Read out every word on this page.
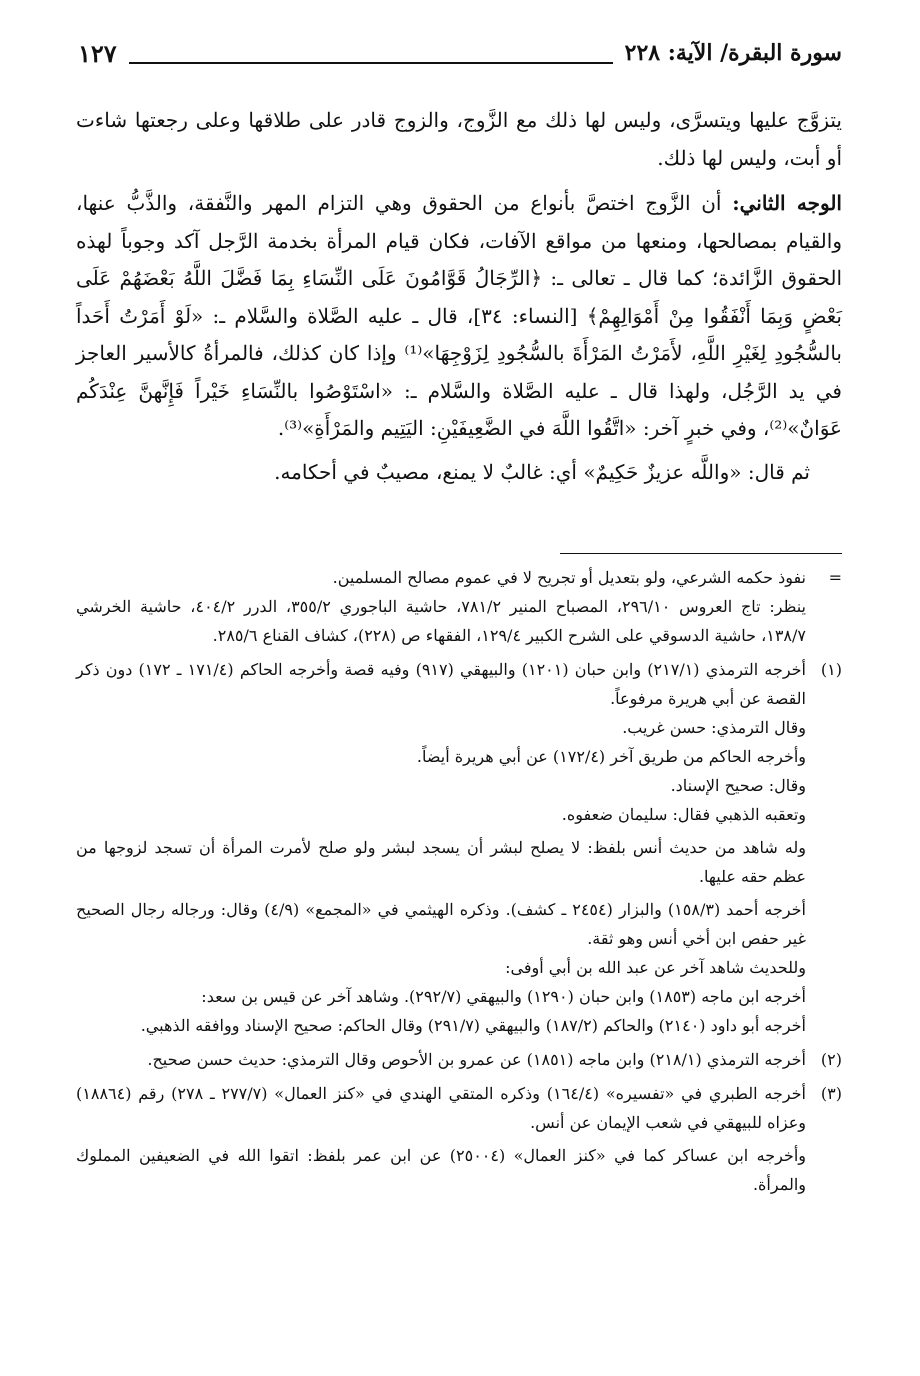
سورة البقرة/ الآية: ٢٢٨
١٢٧

يتزوَّج عليها ويتسرَّى، وليس لها ذلك مع الزَّوج، والزوج قادر على طلاقها وعلى رجعتها شاءت أو أبت، وليس لها ذلك.

الوجه الثاني: أن الزَّوج اختصَّ بأنواع من الحقوق وهي التزام المهر والنَّفقة، والذَّبُّ عنها، والقيام بمصالحها، ومنعها من مواقع الآفات، فكان قيام المرأة بخدمة الرَّجل آكد وجوباً لهذه الحقوق الزَّائدة؛ كما قال ـ تعالى ـ: ﴿الرِّجَالُ قَوَّامُونَ عَلَى النِّسَاءِ بِمَا فَضَّلَ اللَّهُ بَعْضَهُمْ عَلَى بَعْضٍ وَبِمَا أَنْفَقُوا مِنْ أَمْوَالِهِمْ﴾ [النساء: ٣٤]، قال ـ عليه الصَّلاة والسَّلام ـ: «لَوْ أَمَرْتُ أَحَداً بالسُّجُودِ لِغَيْرِ اللَّهِ، لأَمَرْتُ المَرْأَةَ بالسُّجُودِ لِزَوْجِهَا»⁽¹⁾ وإذا كان كذلك، فالمرأةُ كالأسير العاجز في يد الرَّجُل، ولهذا قال ـ عليه الصَّلاة والسَّلام ـ: «اسْتَوْصُوا بالنِّسَاءِ خَيْراً فَإِنَّهنَّ عِنْدَكُم عَوَانٌ»⁽²⁾، وفي خبرٍ آخر: «اتَّقُوا اللَّهَ في الضَّعِيفَيْنِ: اليَتِيم والمَرْأَةِ»⁽³⁾.

ثم قال: «واللَّه عزيزٌ حَكِيمٌ» أي: غالبٌ لا يمنع، مصيبٌ في أحكامه.

=
نفوذ حكمه الشرعي، ولو بتعديل أو تجريح لا في عموم مصالح المسلمين.
ينظر: تاج العروس ٢٩٦/١٠، المصباح المنير ٧٨١/٢، حاشية الباجوري ٣٥٥/٢، الدرر ٤٠٤/٢، حاشية الخرشي ١٣٨/٧، حاشية الدسوقي على الشرح الكبير ١٢٩/٤، الفقهاء ص (٢٢٨)، كشاف القناع ٢٨٥/٦.
(١)
أخرجه الترمذي (٢١٧/١) وابن حبان (١٢٠١) والبيهقي (٩١٧) وفيه قصة وأخرجه الحاكم (١٧١/٤ ـ ١٧٢) دون ذكر القصة عن أبي هريرة مرفوعاً.
وقال الترمذي: حسن غريب.
وأخرجه الحاكم من طريق آخر (١٧٢/٤) عن أبي هريرة أيضاً.
وقال: صحيح الإسناد.
وتعقبه الذهبي فقال: سليمان ضعفوه.
وله شاهد من حديث أنس بلفظ: لا يصلح لبشر أن يسجد لبشر ولو صلح لأمرت المرأة أن تسجد لزوجها من عظم حقه عليها.
أخرجه أحمد (١٥٨/٣) والبزار (٢٤٥٤ ـ كشف). وذكره الهيثمي في «المجمع» (٤/٩) وقال: ورجاله رجال الصحيح غير حفص ابن أخي أنس وهو ثقة.
وللحديث شاهد آخر عن عبد الله بن أبي أوفى:
أخرجه ابن ماجه (١٨٥٣) وابن حبان (١٢٩٠) والبيهقي (٢٩٢/٧). وشاهد آخر عن قيس بن سعد:
أخرجه أبو داود (٢١٤٠) والحاكم (١٨٧/٢) والبيهقي (٢٩١/٧) وقال الحاكم: صحيح الإسناد ووافقه الذهبي.
(٢)
أخرجه الترمذي (٢١٨/١) وابن ماجه (١٨٥١) عن عمرو بن الأحوص وقال الترمذي: حديث حسن صحيح.
(٣)
أخرجه الطبري في «تفسيره» (١٦٤/٤) وذكره المتقي الهندي في «كنز العمال» (٢٧٧/٧ ـ ٢٧٨) رقم (١٨٨٦٤) وعزاه للبيهقي في شعب الإيمان عن أنس.
وأخرجه ابن عساكر كما في «كنز العمال» (٢٥٠٠٤) عن ابن عمر بلفظ: اتقوا الله في الضعيفين المملوك والمرأة.
